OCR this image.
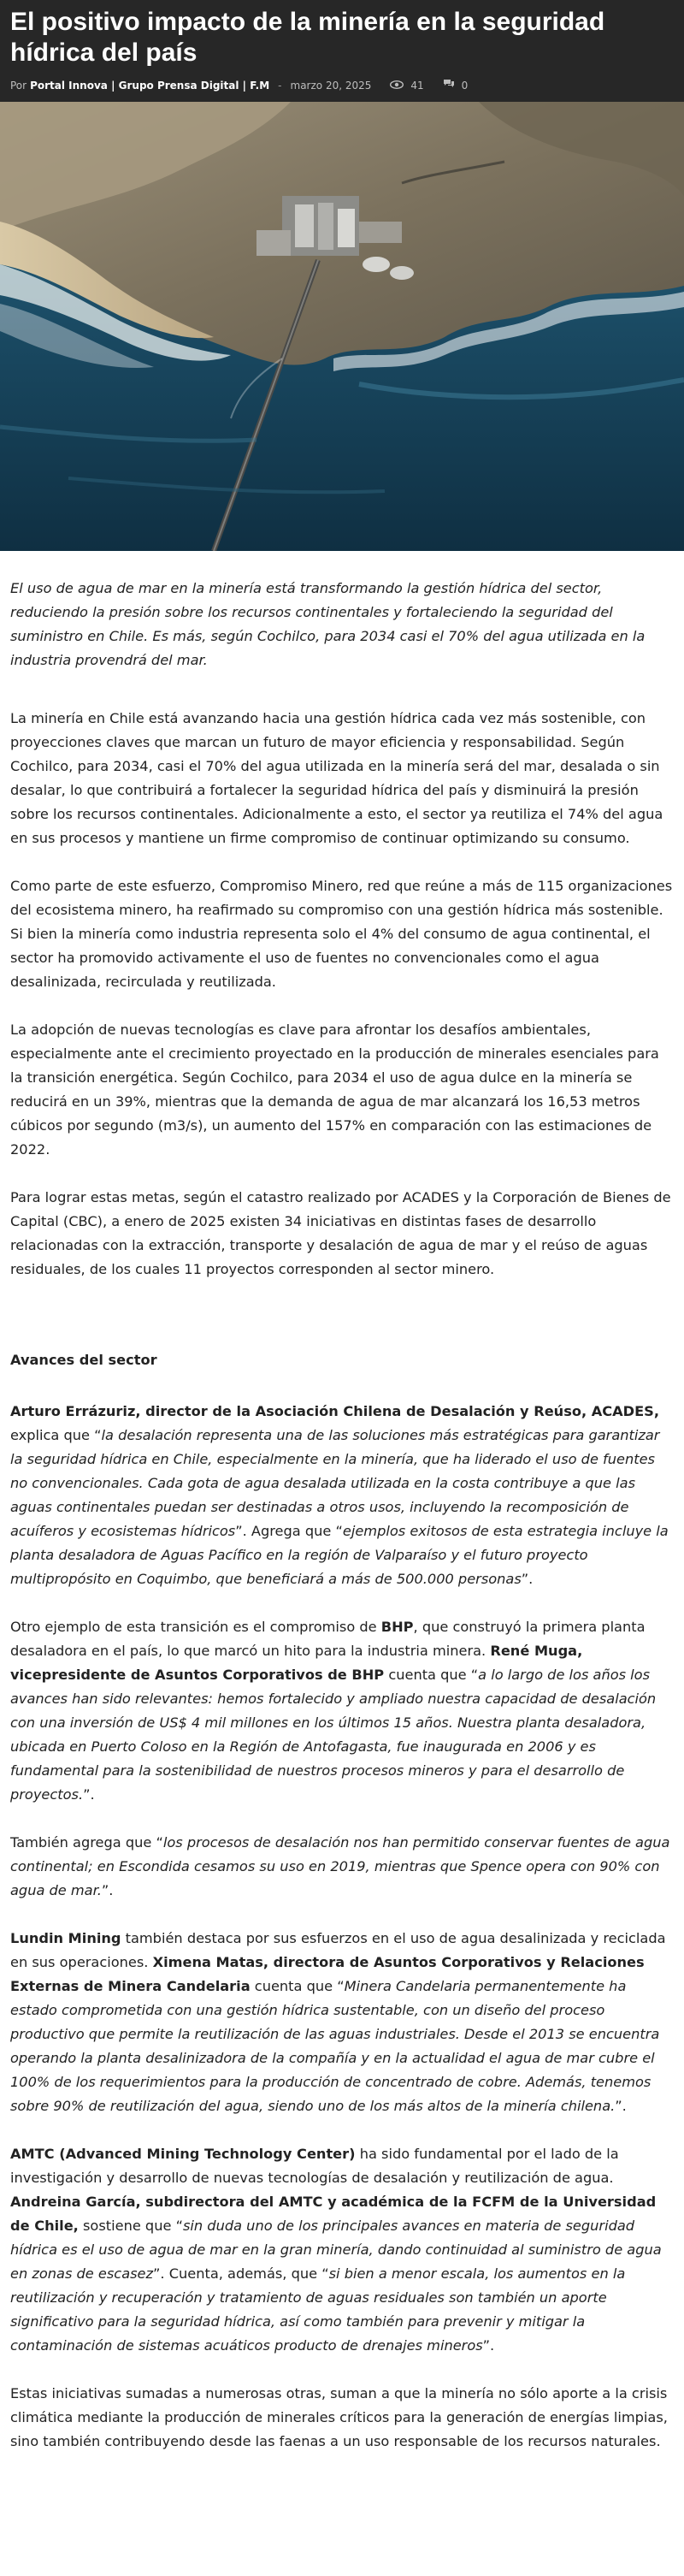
El positivo impacto de la minería en la seguridad hídrica del país
Por Portal Innova | Grupo Prensa Digital | F.M - marzo 20, 2025	41	0

El uso de agua de mar en la minería está transformando la gestión hídrica del sector, reduciendo la presión sobre los recursos continentales y fortaleciendo la seguridad del suministro en Chile. Es más, según Cochilco, para 2034 casi el 70% del agua utilizada en la industria provendrá del mar.

La minería en Chile está avanzando hacia una gestión hídrica cada vez más sostenible, con proyecciones claves que marcan un futuro de mayor eficiencia y responsabilidad. Según Cochilco, para 2034, casi el 70% del agua utilizada en la minería será del mar, desalada o sin desalar, lo que contribuirá a fortalecer la seguridad hídrica del país y disminuirá la presión sobre los recursos continentales. Adicionalmente a esto, el sector ya reutiliza el 74% del agua en sus procesos y mantiene un firme compromiso de continuar optimizando su consumo.

Como parte de este esfuerzo, Compromiso Minero, red que reúne a más de 115 organizaciones del ecosistema minero, ha reafirmado su compromiso con una gestión hídrica más sostenible. Si bien la minería como industria representa solo el 4% del consumo de agua continental, el sector ha promovido activamente el uso de fuentes no convencionales como el agua desalinizada, recirculada y reutilizada.

La adopción de nuevas tecnologías es clave para afrontar los desafíos ambientales, especialmente ante el crecimiento proyectado en la producción de minerales esenciales para la transición energética. Según Cochilco, para 2034 el uso de agua dulce en la minería se reducirá en un 39%, mientras que la demanda de agua de mar alcanzará los 16,53 metros cúbicos por segundo (m3/s), un aumento del 157% en comparación con las estimaciones de 2022.

Para lograr estas metas, según el catastro realizado por ACADES y la Corporación de Bienes de Capital (CBC), a enero de 2025 existen 34 iniciativas en distintas fases de desarrollo relacionadas con la extracción, transporte y desalación de agua de mar y el reúso de aguas residuales, de los cuales 11 proyectos corresponden al sector minero.

Avances del sector

Arturo Errázuriz, director de la Asociación Chilena de Desalación y Reúso, ACADES, explica que “la desalación representa una de las soluciones más estratégicas para garantizar la seguridad hídrica en Chile, especialmente en la minería, que ha liderado el uso de fuentes no convencionales. Cada gota de agua desalada utilizada en la costa contribuye a que las aguas continentales puedan ser destinadas a otros usos, incluyendo la recomposición de acuíferos y ecosistemas hídricos”. Agrega que “ejemplos exitosos de esta estrategia incluye la planta desaladora de Aguas Pacífico en la región de Valparaíso y el futuro proyecto multipropósito en Coquimbo, que beneficiará a más de 500.000 personas”.

Otro ejemplo de esta transición es el compromiso de BHP, que construyó la primera planta desaladora en el país, lo que marcó un hito para la industria minera. René Muga, vicepresidente de Asuntos Corporativos de BHP cuenta que “a lo largo de los años los avances han sido relevantes: hemos fortalecido y ampliado nuestra capacidad de desalación con una inversión de US$ 4 mil millones en los últimos 15 años. Nuestra planta desaladora, ubicada en Puerto Coloso en la Región de Antofagasta, fue inaugurada en 2006 y es fundamental para la sostenibilidad de nuestros procesos mineros y para el desarrollo de proyectos.”.

También agrega que “los procesos de desalación nos han permitido conservar fuentes de agua continental; en Escondida cesamos su uso en 2019, mientras que Spence opera con 90% con agua de mar.”.

Lundin Mining también destaca por sus esfuerzos en el uso de agua desalinizada y reciclada en sus operaciones. Ximena Matas, directora de Asuntos Corporativos y Relaciones Externas de Minera Candelaria cuenta que “Minera Candelaria permanentemente ha estado comprometida con una gestión hídrica sustentable, con un diseño del proceso productivo que permite la reutilización de las aguas industriales. Desde el 2013 se encuentra operando la planta desalinizadora de la compañía y en la actualidad el agua de mar cubre el 100% de los requerimientos para la producción de concentrado de cobre. Además, tenemos sobre 90% de reutilización del agua, siendo uno de los más altos de la minería chilena.”.

AMTC (Advanced Mining Technology Center) ha sido fundamental por el lado de la investigación y desarrollo de nuevas tecnologías de desalación y reutilización de agua. Andreina García, subdirectora del AMTC y académica de la FCFM de la Universidad de Chile, sostiene que “sin duda uno de los principales avances en materia de seguridad hídrica es el uso de agua de mar en la gran minería, dando continuidad al suministro de agua en zonas de escasez”. Cuenta, además, que “si bien a menor escala, los aumentos en la reutilización y recuperación y tratamiento de aguas residuales son también un aporte significativo para la seguridad hídrica, así como también para prevenir y mitigar la contaminación de sistemas acuáticos producto de drenajes mineros”.

Estas iniciativas sumadas a numerosas otras, suman a que la minería no sólo aporte a la crisis climática mediante la producción de minerales críticos para la generación de energías limpias, sino también contribuyendo desde las faenas a un uso responsable de los recursos naturales.
